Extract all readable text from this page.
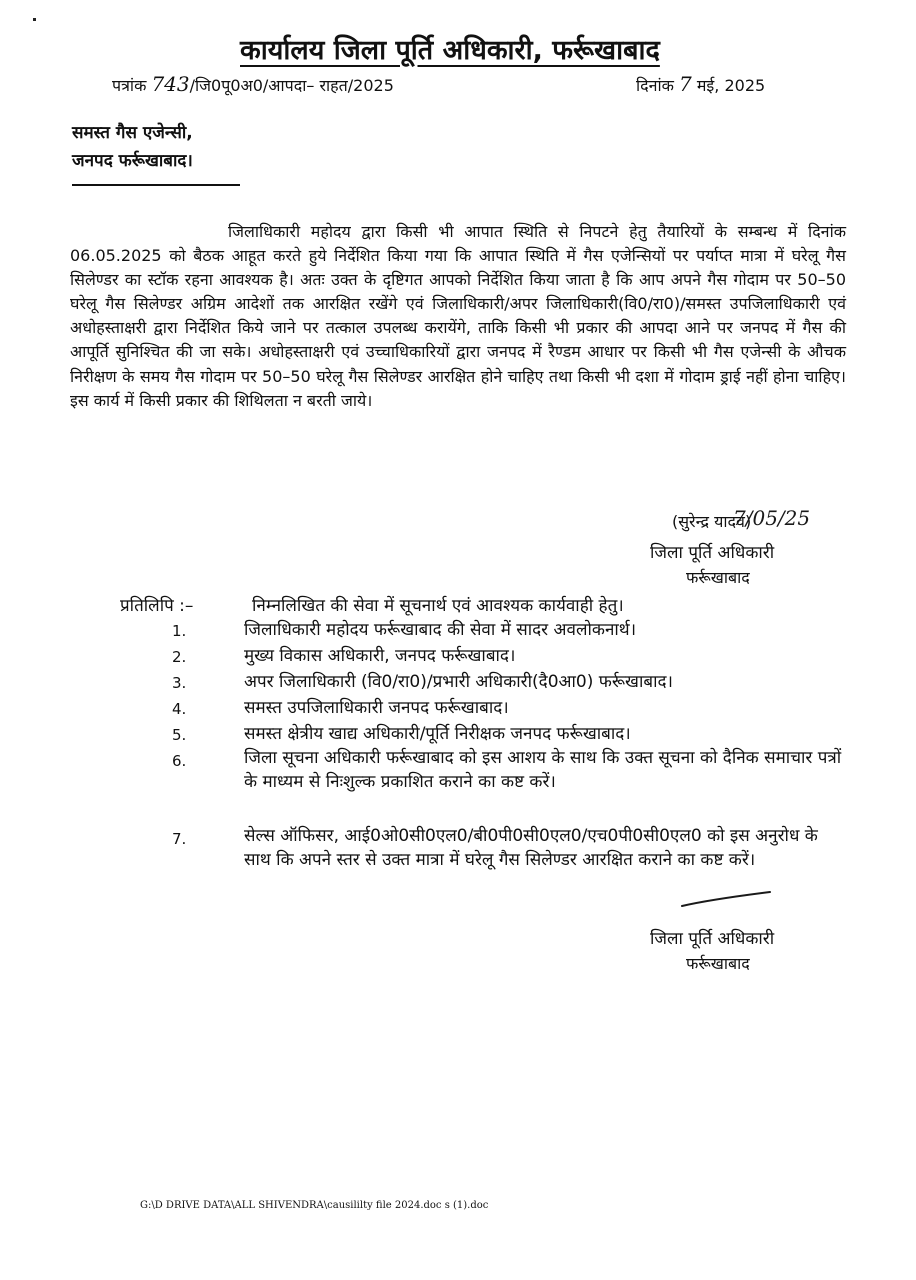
कार्यालय जिला पूर्ति अधिकारी, फर्रूखाबाद
पत्रांक 743/जि0पू0अ0/आपदा– राहत/2025	दिनांक 7 मई, 2025
समस्त गैस एजेन्सी,
जनपद फर्रूखाबाद।
जिलाधिकारी महोदय द्वारा किसी भी आपात स्थिति से निपटने हेतु तैयारियों के सम्बन्ध में दिनांक 06.05.2025 को बैठक आहूत करते हुये निर्देशित किया गया कि आपात स्थिति में गैस एजेन्सियों पर पर्याप्त मात्रा में घरेलू गैस सिलेण्डर का स्टॉक रहना आवश्यक है। अतः उक्त के दृष्टिगत आपको निर्देशित किया जाता है कि आप अपने गैस गोदाम पर 50–50 घरेलू गैस सिलेण्डर अग्रिम आदेशों तक आरक्षित रखेंगे एवं जिलाधिकारी/अपर जिलाधिकारी(वि0/रा0)/समस्त उपजिलाधिकारी एवं अधोहस्ताक्षरी द्वारा निर्देशित किये जाने पर तत्काल उपलब्ध करायेंगे, ताकि किसी भी प्रकार की आपदा आने पर जनपद में गैस की आपूर्ति सुनिश्चित की जा सके। अधोहस्ताक्षरी एवं उच्चाधिकारियों द्वारा जनपद में रैण्डम आधार पर किसी भी गैस एजेन्सी के औचक निरीक्षण के समय गैस गोदाम पर 50–50 घरेलू गैस सिलेण्डर आरक्षित होने चाहिए तथा किसी भी दशा में गोदाम ड्राई नहीं होना चाहिए। इस कार्य में किसी प्रकार की शिथिलता न बरती जाये।
(सुरेन्द्र यादव)
7/05/25
जिला पूर्ति अधिकारी
फर्रूखाबाद
प्रतिलिपि :–	निम्नलिखित की सेवा में सूचनार्थ एवं आवश्यक कार्यवाही हेतु।
1.	जिलाधिकारी महोदय फर्रूखाबाद की सेवा में सादर अवलोकनार्थ।
2.	मुख्य विकास अधिकारी, जनपद फर्रूखाबाद।
3.	अपर जिलाधिकारी (वि0/रा0)/प्रभारी अधिकारी(दै0आ0) फर्रूखाबाद।
4.	समस्त उपजिलाधिकारी जनपद फर्रूखाबाद।
5.	समस्त क्षेत्रीय खाद्य अधिकारी/पूर्ति निरीक्षक जनपद फर्रूखाबाद।
6.	जिला सूचना अधिकारी फर्रूखाबाद को इस आशय के साथ कि उक्त सूचना को दैनिक समाचार पत्रों के माध्यम से निःशुल्क प्रकाशित कराने का कष्ट करें।
7.	सेल्स ऑफिसर, आई0ओ0सी0एल0/बी0पी0सी0एल0/एच0पी0सी0एल0 को इस अनुरोध के साथ कि अपने स्तर से उक्त मात्रा में घरेलू गैस सिलेण्डर आरक्षित कराने का कष्ट करें।
जिला पूर्ति अधिकारी
फर्रूखाबाद
G:\D DRIVE DATA\ALL SHIVENDRA\causililty file 2024.doc s (1).doc
